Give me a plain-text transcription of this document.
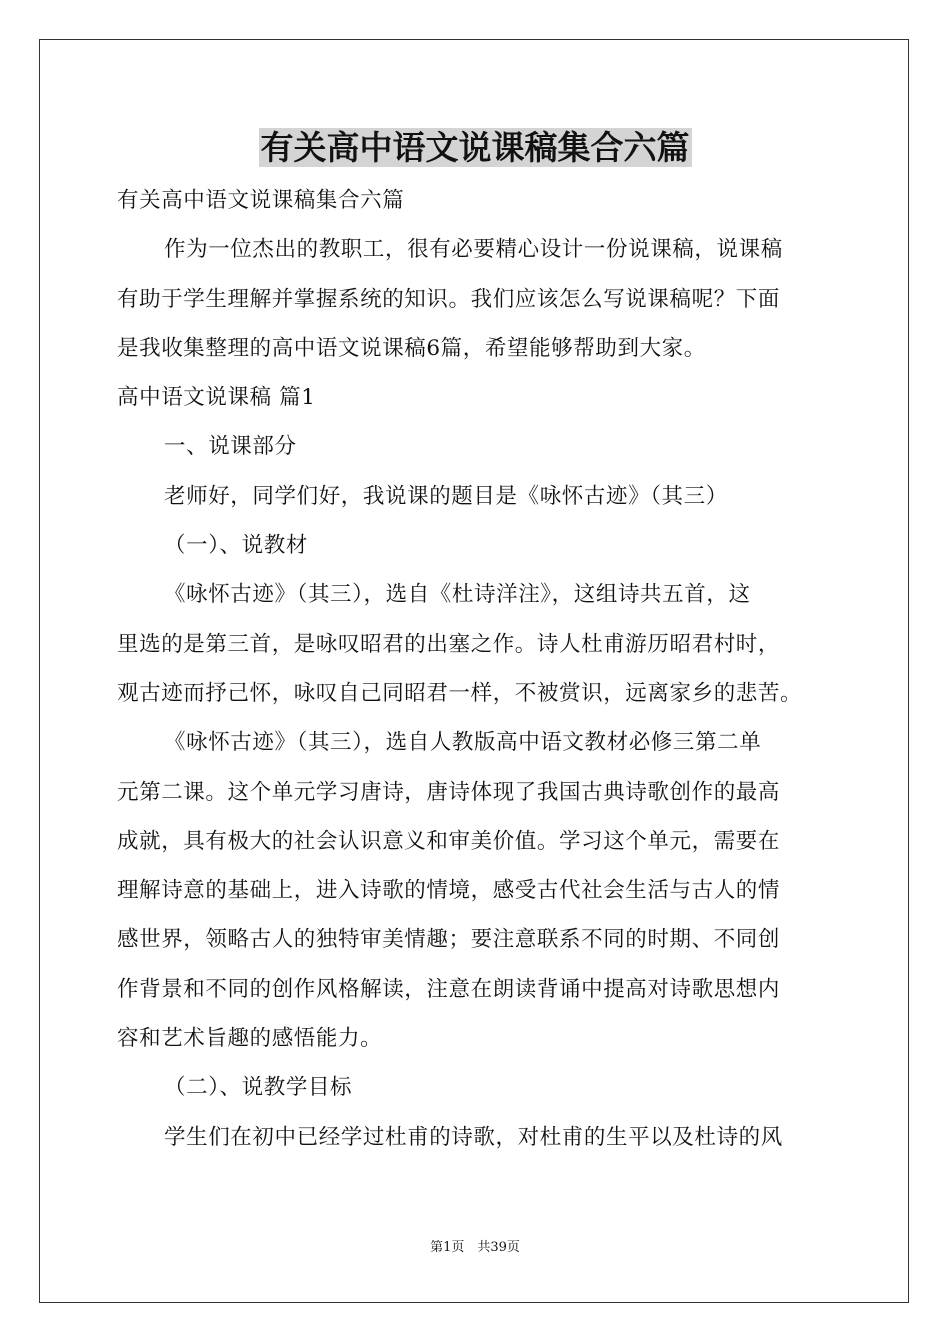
有关高中语文说课稿集合六篇
有关高中语文说课稿集合六篇
作为一位杰出的教职工，很有必要精心设计一份说课稿，说课稿
有助于学生理解并掌握系统的知识。我们应该怎么写说课稿呢？下面
是我收集整理的高中语文说课稿6篇，希望能够帮助到大家。
高中语文说课稿 篇1
一、说课部分
老师好，同学们好，我说课的题目是《咏怀古迹》（其三）
（一）、说教材
《咏怀古迹》（其三），选自《杜诗洋注》，这组诗共五首，这
里选的是第三首，是咏叹昭君的出塞之作。诗人杜甫游历昭君村时，
观古迹而抒己怀，咏叹自己同昭君一样，不被赏识，远离家乡的悲苦。
《咏怀古迹》（其三），选自人教版高中语文教材必修三第二单
元第二课。这个单元学习唐诗，唐诗体现了我国古典诗歌创作的最高
成就，具有极大的社会认识意义和审美价值。学习这个单元，需要在
理解诗意的基础上，进入诗歌的情境，感受古代社会生活与古人的情
感世界，领略古人的独特审美情趣；要注意联系不同的时期、不同创
作背景和不同的创作风格解读，注意在朗读背诵中提高对诗歌思想内
容和艺术旨趣的感悟能力。
（二）、说教学目标
学生们在初中已经学过杜甫的诗歌，对杜甫的生平以及杜诗的风
第1页　共39页
